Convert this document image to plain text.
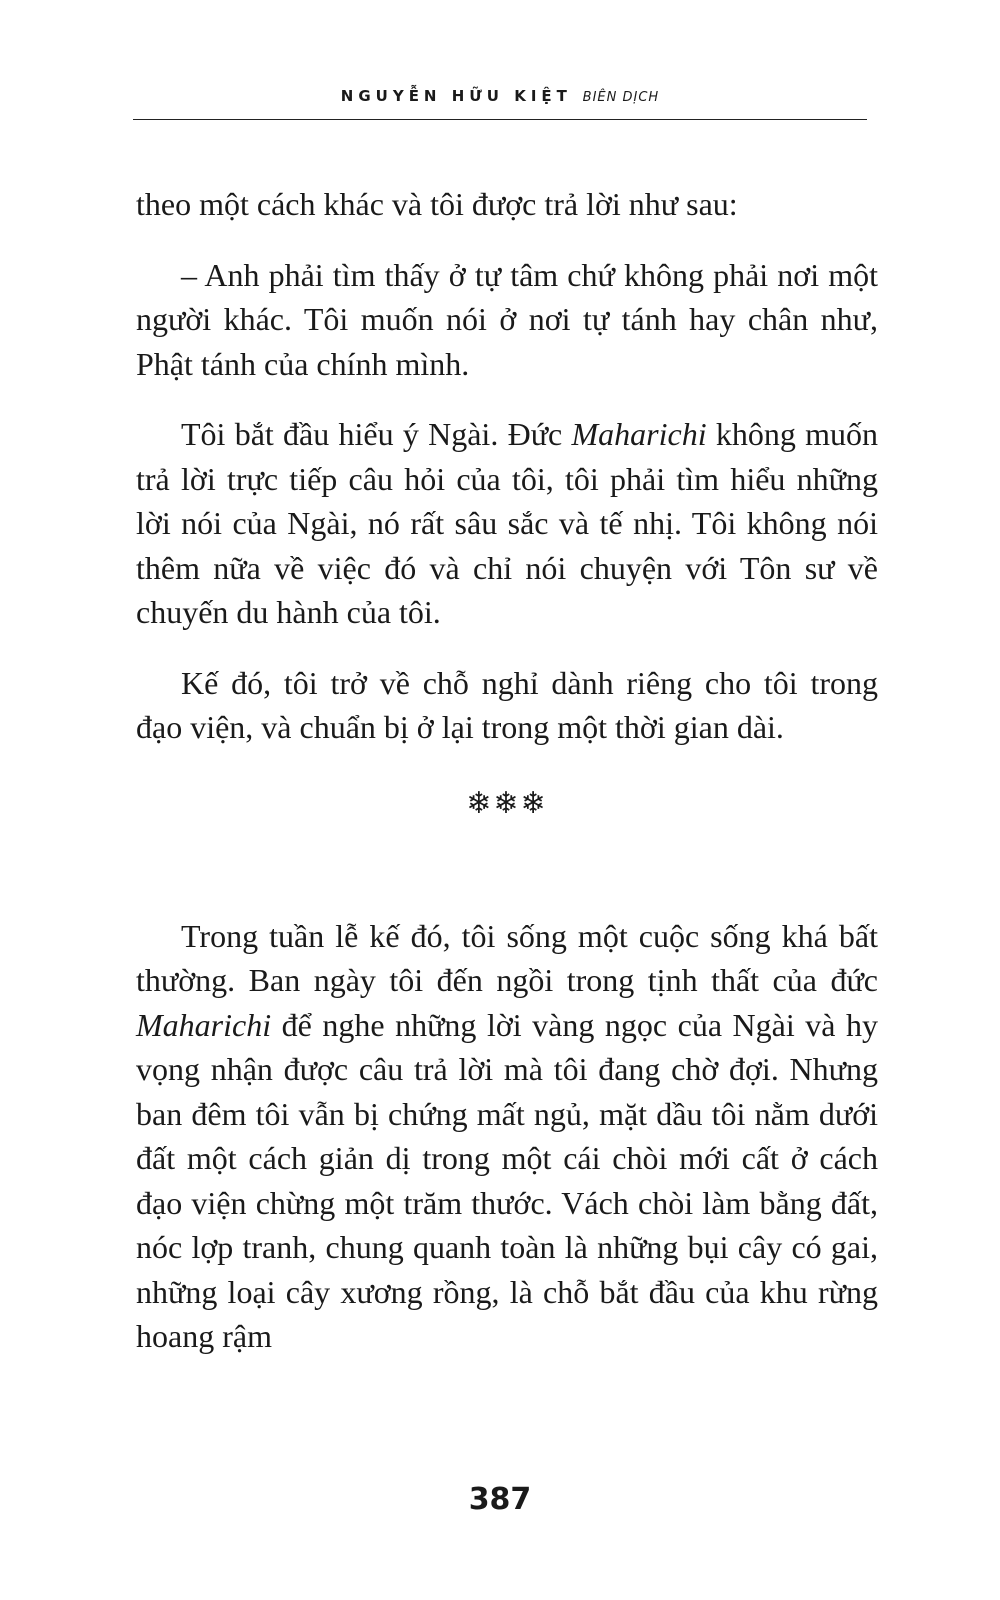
NGUYỄN HỮU KIỆT BIÊN DỊCH

theo một cách khác và tôi được trả lời như sau:

– Anh phải tìm thấy ở tự tâm chứ không phải nơi một người khác. Tôi muốn nói ở nơi tự tánh hay chân như, Phật tánh của chính mình.

Tôi bắt đầu hiểu ý Ngài. Đức Maharichi không muốn trả lời trực tiếp câu hỏi của tôi, tôi phải tìm hiểu những lời nói của Ngài, nó rất sâu sắc và tế nhị. Tôi không nói thêm nữa về việc đó và chỉ nói chuyện với Tôn sư về chuyến du hành của tôi.

Kế đó, tôi trở về chỗ nghỉ dành riêng cho tôi trong đạo viện, và chuẩn bị ở lại trong một thời gian dài.

❄❄❄

Trong tuần lễ kế đó, tôi sống một cuộc sống khá bất thường. Ban ngày tôi đến ngồi trong tịnh thất của đức Maharichi để nghe những lời vàng ngọc của Ngài và hy vọng nhận được câu trả lời mà tôi đang chờ đợi. Nhưng ban đêm tôi vẫn bị chứng mất ngủ, mặt dầu tôi nằm dưới đất một cách giản dị trong một cái chòi mới cất ở cách đạo viện chừng một trăm thước. Vách chòi làm bằng đất, nóc lợp tranh, chung quanh toàn là những bụi cây có gai, những loại cây xương rồng, là chỗ bắt đầu của khu rừng hoang rậm

387
